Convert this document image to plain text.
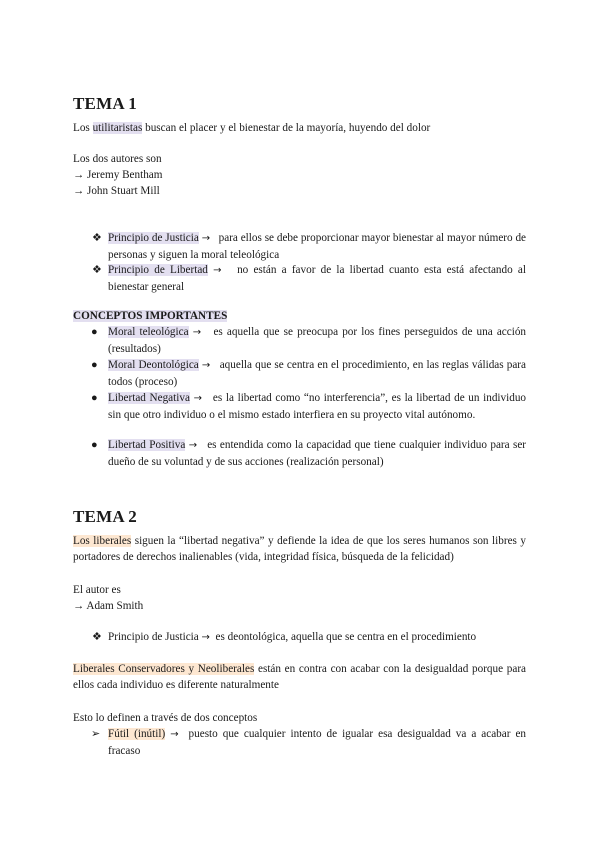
TEMA 1
Los utilitaristas buscan el placer y el bienestar de la mayoría, huyendo del dolor
Los dos autores son
→ Jeremy Bentham
→ John Stuart Mill
❖ Principio de Justicia → para ellos se debe proporcionar mayor bienestar al mayor número de personas y siguen la moral teleológica
❖ Principio de Libertad → no están a favor de la libertad cuanto esta está afectando al bienestar general
CONCEPTOS IMPORTANTES
● Moral teleológica → es aquella que se preocupa por los fines perseguidos de una acción (resultados)
● Moral Deontológica → aquella que se centra en el procedimiento, en las reglas válidas para todos (proceso)
● Libertad Negativa → es la libertad como “no interferencia”, es la libertad de un individuo sin que otro individuo o el mismo estado interfiera en su proyecto vital autónomo.
● Libertad Positiva → es entendida como la capacidad que tiene cualquier individuo para ser dueño de su voluntad y de sus acciones (realización personal)
TEMA 2
Los liberales siguen la “libertad negativa” y defiende la idea de que los seres humanos son libres y portadores de derechos inalienables (vida, integridad física, búsqueda de la felicidad)
El autor es
→ Adam Smith
❖ Principio de Justicia → es deontológica, aquella que se centra en el procedimiento
Liberales Conservadores y Neoliberales están en contra con acabar con la desigualdad porque para ellos cada individuo es diferente naturalmente
Esto lo definen a través de dos conceptos
➢ Fútil (inútil) → puesto que cualquier intento de igualar esa desigualdad va a acabar en fracaso
